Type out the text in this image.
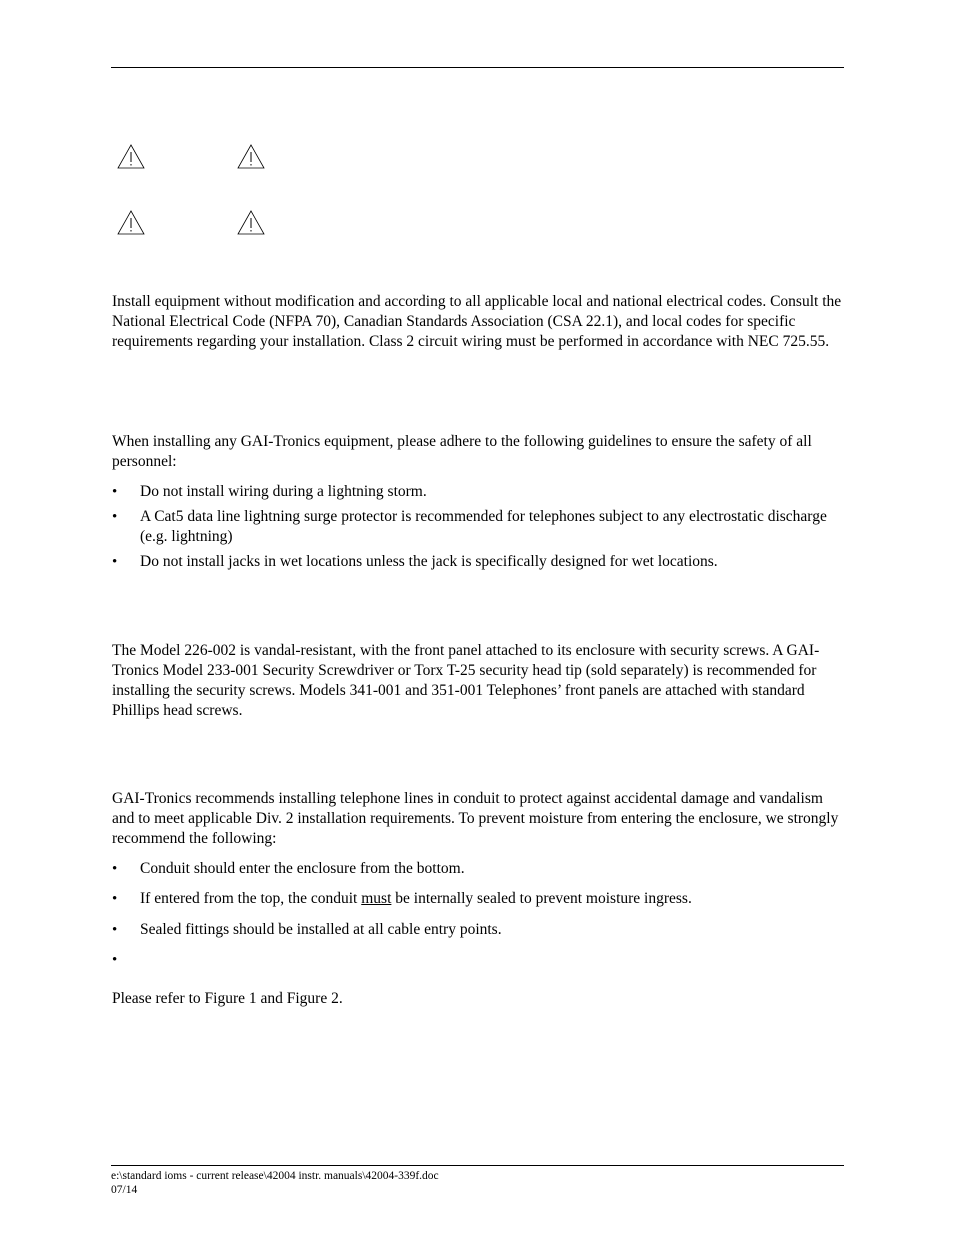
Install equipment without modification and according to all applicable local and national electrical codes. Consult the National Electrical Code (NFPA 70), Canadian Standards Association (CSA 22.1), and local codes for specific requirements regarding your installation. Class 2 circuit wiring must be performed in accordance with NEC 725.55.

When installing any GAI-Tronics equipment, please adhere to the following guidelines to ensure the safety of all personnel:

•	Do not install wiring during a lightning storm.
•	A Cat5 data line lightning surge protector is recommended for telephones subject to any electrostatic discharge (e.g. lightning)
•	Do not install jacks in wet locations unless the jack is specifically designed for wet locations.

The Model 226-002 is vandal-resistant, with the front panel attached to its enclosure with security screws. A GAI-Tronics Model 233-001 Security Screwdriver or Torx T-25 security head tip (sold separately) is recommended for installing the security screws. Models 341-001 and 351-001 Telephones’ front panels are attached with standard Phillips head screws.

GAI-Tronics recommends installing telephone lines in conduit to protect against accidental damage and vandalism and to meet applicable Div. 2 installation requirements. To prevent moisture from entering the enclosure, we strongly recommend the following:

•	Conduit should enter the enclosure from the bottom.
•	If entered from the top, the conduit must be internally sealed to prevent moisture ingress.
•	Sealed fittings should be installed at all cable entry points.
•

Please refer to Figure 1 and Figure 2.

e:\standard ioms - current release\42004 instr. manuals\42004-339f.doc
07/14
